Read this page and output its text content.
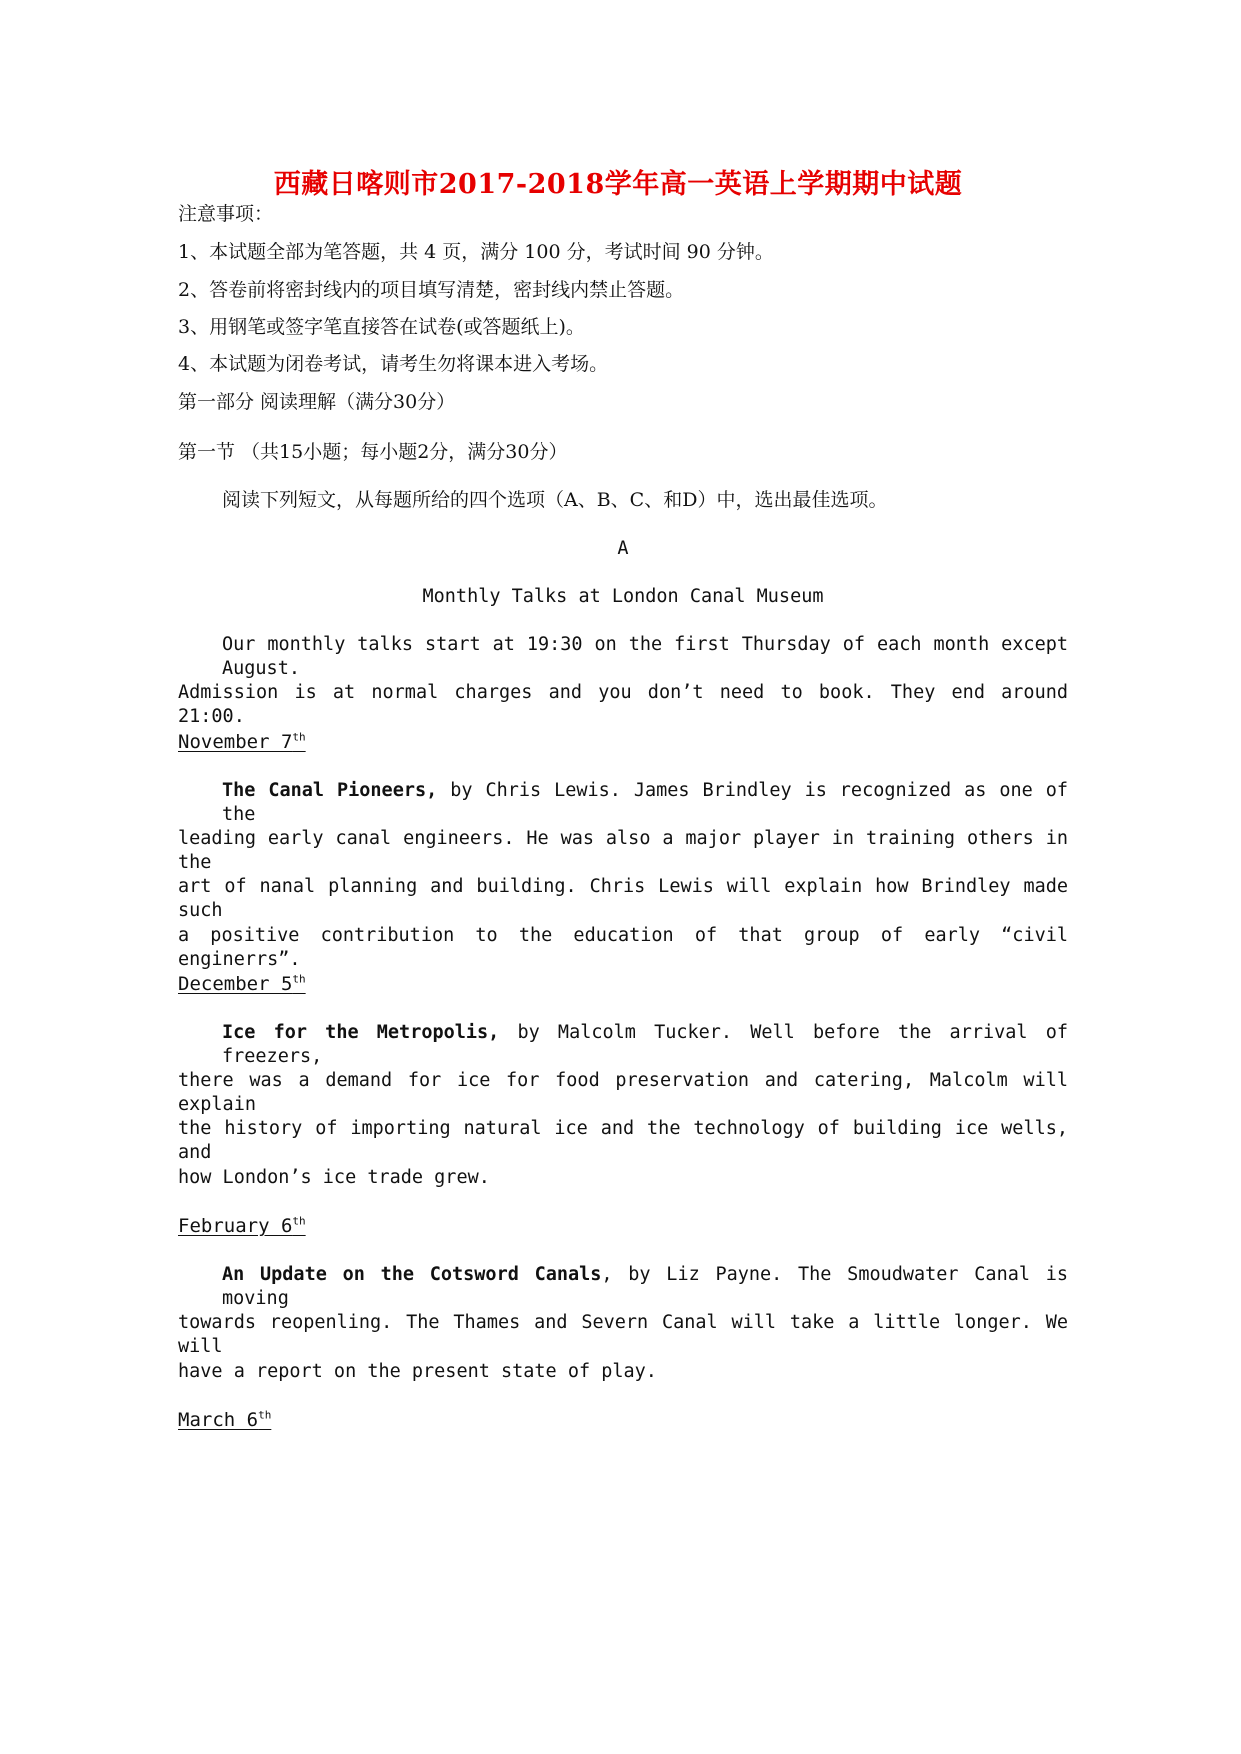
西藏日喀则市2017-2018学年高一英语上学期期中试题
注意事项：
1、本试题全部为笔答题，共 4 页，满分 100 分，考试时间 90 分钟。
2、答卷前将密封线内的项目填写清楚，密封线内禁止答题。
3、用钢笔或签字笔直接答在试卷(或答题纸上)。
4、本试题为闭卷考试，请考生勿将课本进入考场。
第一部分 阅读理解（满分30分）
第一节 （共15小题；每小题2分，满分30分）
阅读下列短文，从每题所给的四个选项（A、B、C、和D）中，选出最佳选项。
A
Monthly Talks at London Canal Museum
Our monthly talks start at 19:30 on the first Thursday of each month except August.
Admission is at normal charges and you don’t need to book. They end around 21:00.
November 7th
The Canal Pioneers, by Chris Lewis. James Brindley is recognized as one of the
leading early canal engineers. He was also a major player in training others in the
art of nanal planning and building. Chris Lewis will explain how Brindley made such
a positive contribution to the education of that group of early “civil enginerrs”.
December 5th
Ice for the Metropolis, by Malcolm Tucker. Well before the arrival of freezers,
there was a demand for ice for food preservation and catering, Malcolm will explain
the history of importing natural ice and the technology of building ice wells, and
how London’s ice trade grew.
February 6th
An Update on the Cotsword Canals, by Liz Payne. The Smoudwater Canal is moving
towards reopenling. The Thames and Severn Canal will take a little longer. We will
have a report on the present state of play.
March 6th
